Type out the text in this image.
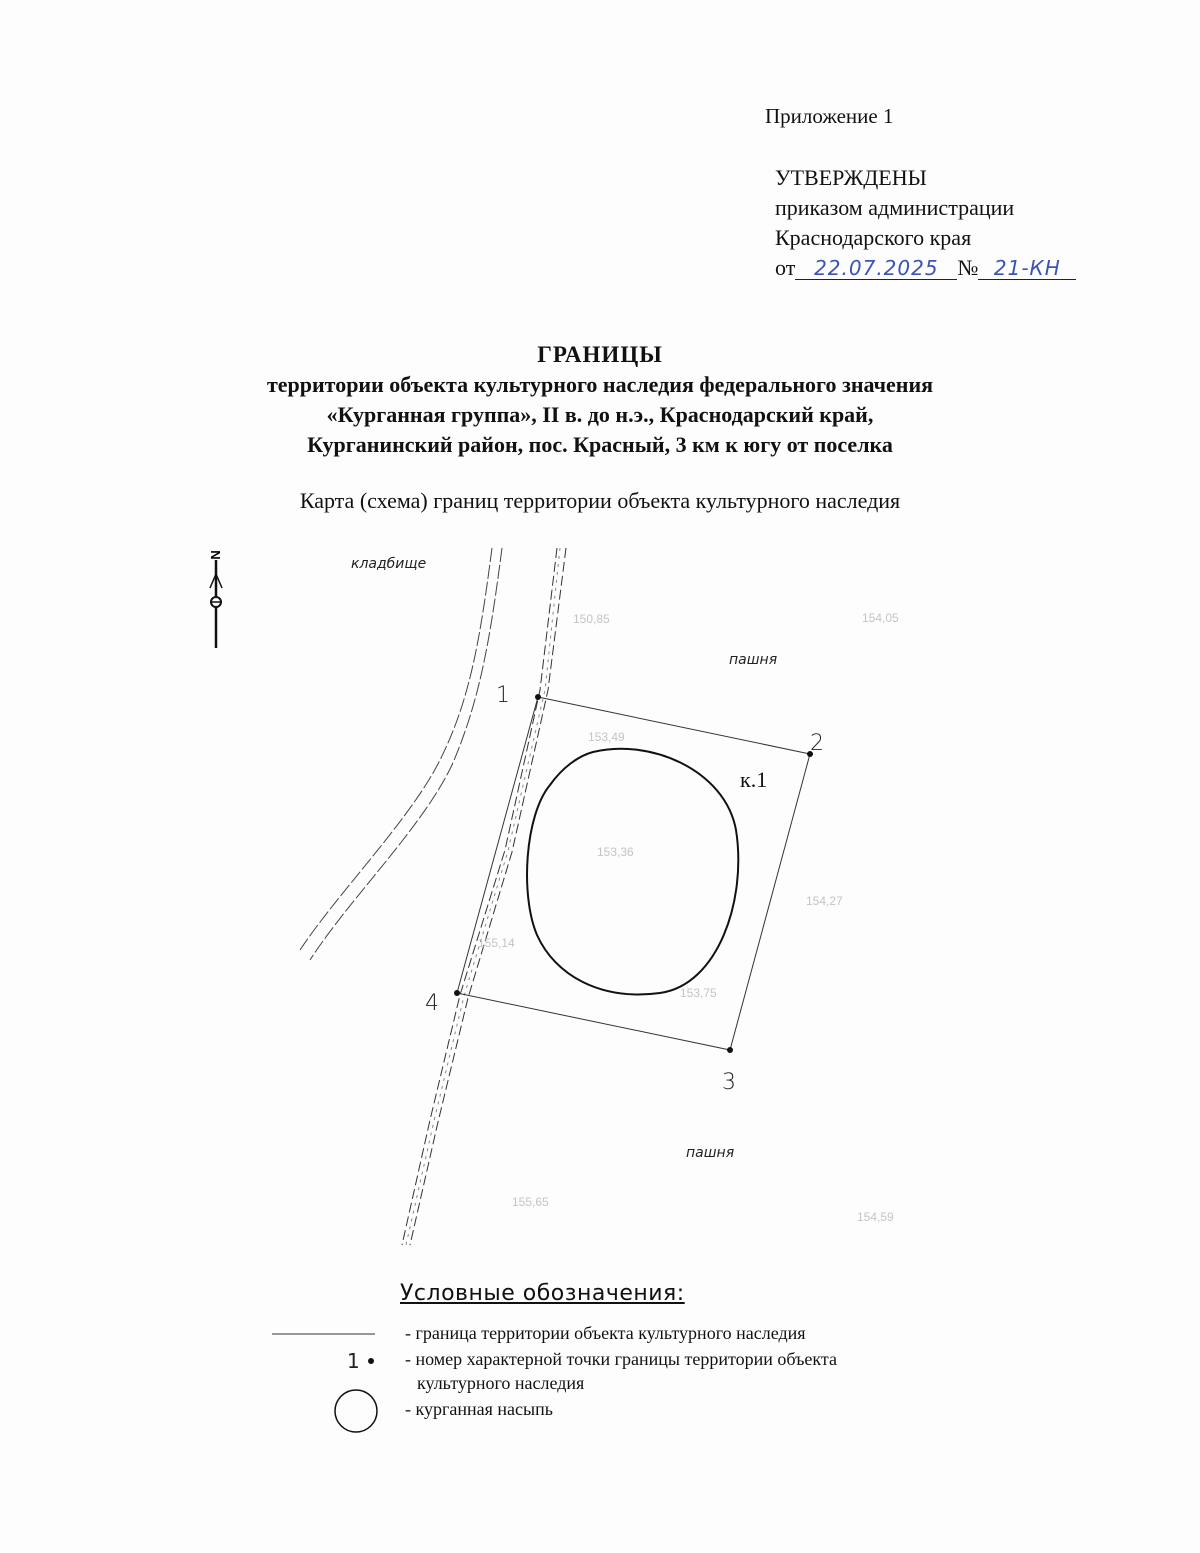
Приложение 1
УТВЕРЖДЕНЫ
приказом администрации
Краснодарского края
от 22.07.2025 № 21-КН
ГРАНИЦЫ
территории объекта культурного наследия федерального значения
«Курганная группа», II в. до н.э., Краснодарский край,
Курганинский район, пос. Красный, 3 км к югу от поселка
Карта (схема) границ территории объекта культурного наследия
N
150,85	154,05
153,49
153,36
154,27
155,14
153,75
155,65
154,59
1
2
3
4
кладбище
пашня
пашня
к.1
1
Условные обозначения:
- граница территории объекта культурного наследия
- номер характерной точки границы территории объекта
культурного наследия
- курганная насыпь
